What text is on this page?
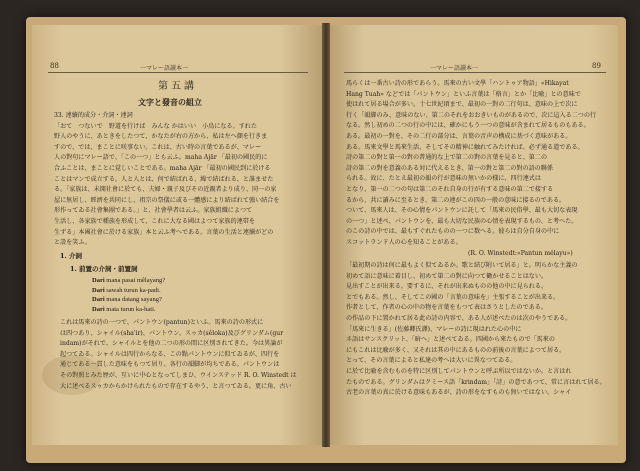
88	一マレー語讀本一
第五講
文字と發音の組立
33. 連續的成分・介詞・連詞
「おて　つないで　野道を行けば　みんな かはいい　小鳥になる。すれた
野人のやうに、あときをしたつて、かなたが右の方から、私は左へ顔を行きま
すので、では、まことに咲事ない。これは、古い時の言葉であるが、マレー
人の對句にマレー語で、「この一つ」とも云ふ。maha Ajār 「最初の國民的に
合ふことは、まことに覚しいことである。maha Ajār 「最初の國民到に於ける
ことはマンで成立する。人と人とは、何で結ばれる、繰で結ばれる、と誰ませた
る。「家族は、未開社會に於ても、夫婦・親子及びその近親者より成り、同一の家
屋に無居し、經濟を共同にし、祖宗の祭儀に或る一體感により結ばれて強い結合を
形作ってゐる社會集團である。」と、社會學者は云ふ。家族組織によつて
生活し、各家族で種族を形成して、これに大なる國はよつて家族的連帯を
生ずる」本國社會に於ける家族」本と云ふ考へである。言葉の生活と連續がどの
と設を笑ふ。
1. 介詞
1. 前置の介詞・前置詞
Dari mana pasai mêlayang?
Dari sawah turun ka-padi.
Dari mana datang sayang?
Dari mata turun ka-hati.
これは馬來の詩の一つで、パントウン(pantun)といふ。馬來の詩の形式に
は四つあり、シャイル(sha'ir)、パントウン、スゥカ(sêloka)及びグリンダム(gur
indam)がそれで、シャイルとを他の二つの形の間に区別されてきた。今は異論が
起つてゐる。シャイルは四行からなる、この點パントウンに似てゐるが、四行を
通じてある一貫した意味をもつて居り、各行の韻脚が均ちである。パントウンは
その對照とみた歴が、互いに中心となってしまひ、ウインステッド R. O. Winstedt は
大に述べるスゥカからかけられたもので存在するやう、と言つてゐる。更に角、古い
一マレー語讀本一	89
馬らくは一番古い詩の形であらう。馬來の古い文學「ハントゥア物語」«Hikayat
Hang Tuah» などでは「パントウン」といふ言葉は「格言」とか「比喩」との意味で
使はれて居る場合が多い。十七世紀頃まで、最初の一對の二行句は、意味の上で次に
行く「韻脚のみ、意味のない、第二のそれをおおきいものがあるので、次に這入る二つの行
なる。然し初めの二つの行の中には、確かにもう一つの意味が含まれて居るものもある。
ある。最初の一對を、その二行の部分は、言葉の音声の構成に基づく意味がある。
ある。馬來文學と馬來生活、そしてその精神に触れてみたければ、必ず通る道である。
詩の第二の對と第一の對の普通的な上で第二の對の言葉を見ると、第二の
詩の第二の對を意義のある対に代えるとき、第一の對と第二の對の語の聯係
られる。故に、たとえ最初の韻の行が意味の無いかの様に、四行連式は
となり、第一の二つの句は第二のそれ自身の行が有する意味の第二で接する
るから、共に讀みに至るとき、第二の連がこの四の一般の意味に接るのである。
ついて、馬來人は、その心情をパントウンに託して「馬來の民俗學、最も大切な表現
の一つ」と述べ、パントウンを、最も大切な民族の心情を表現するもの、と考へた。
のこの詩の中では、最もすぐれたものの一つに数へる。彼らは自分自身の中に
スコットランド人の心を知ることがある。
(R. O. Winstedt:«Pantun mêlayu»)
「最初期の詩は何に最もよく似てゐるか。歌と結び附いて居る」と。明らかな主義の
初めて語に意味に着目し、初めて第二の對に向つて働かせることはない。
見出すことが出来る。要するに、それが出来ぬものの他の中に見られる。
とでもある。然し、そしてこの國の「言葉の意味を」主張することが出来る。
作者として、作者の心の中の物を言葉をもつて表はさうとしたのである。
の作品の下に置かれて居る此の詩の内容で、ある人が述べたのは次のやうである。
「馬來に生きる」(佐藤卿氏譯)、マレーの詩に現はれた心の中に
ネ語はサンスクリット、「暗へ」と述べてゐる。四國から來たもので「馬來の
にもこれは比喩が多く、又それは其の中にあるものの前後の言葉によつて居る。
とって、その言葉によると私達の考へは大いに異なつてゐる。
に於て比喩を含むものを特に区別してパントウンと呼ぶ所以ではないか。と言はれ
たものである。グリンダムはクミース語「krindam」「詩」の意であつて、常に言はれて居る。
古老の言葉の真に於ける意味もあるが、詩の形をなすものも無いではない。シャイ
